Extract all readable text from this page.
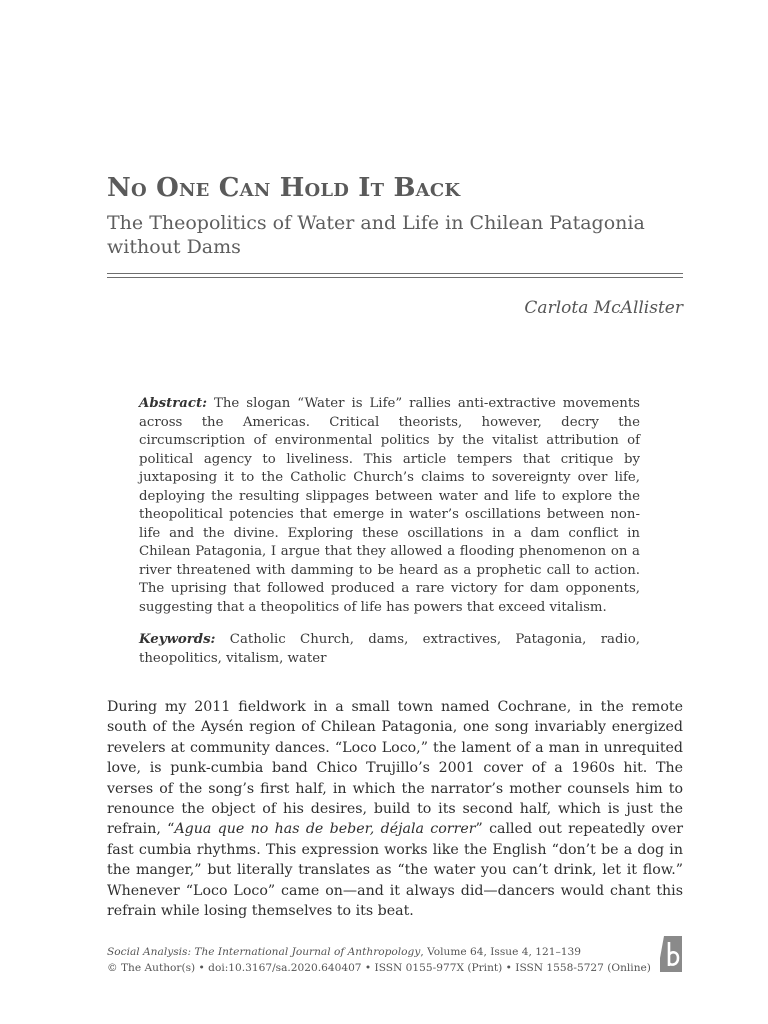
No One Can Hold It Back

The Theopolitics of Water and Life in Chilean Patagonia without Dams

Carlota McAllister

Abstract: The slogan “Water is Life” rallies anti-extractive movements across the Americas. Critical theorists, however, decry the circumscription of environmental politics by the vitalist attribution of political agency to liveliness. This article tempers that critique by juxtaposing it to the Catholic Church’s claims to sovereignty over life, deploying the resulting slippages between water and life to explore the theopolitical potencies that emerge in water’s oscillations between non-life and the divine. Exploring these oscillations in a dam conflict in Chilean Patagonia, I argue that they allowed a flooding phenomenon on a river threatened with damming to be heard as a prophetic call to action. The uprising that followed produced a rare victory for dam opponents, suggesting that a theopolitics of life has powers that exceed vitalism.

Keywords: Catholic Church, dams, extractives, Patagonia, radio, theopolitics, vitalism, water

During my 2011 fieldwork in a small town named Cochrane, in the remote south of the Aysén region of Chilean Patagonia, one song invariably energized revelers at community dances. “Loco Loco,” the lament of a man in unrequited love, is punk-cumbia band Chico Trujillo’s 2001 cover of a 1960s hit. The verses of the song’s first half, in which the narrator’s mother counsels him to renounce the object of his desires, build to its second half, which is just the refrain, “Agua que no has de beber, déjala correr” called out repeatedly over fast cumbia rhythms. This expression works like the English “don’t be a dog in the manger,” but literally translates as “the water you can’t drink, let it flow.” Whenever “Loco Loco” came on—and it always did—dancers would chant this refrain while losing themselves to its beat.

Social Analysis: The International Journal of Anthropology, Volume 64, Issue 4, 121–139
© The Author(s) • doi:10.3167/sa.2020.640407 • ISSN 0155-977X (Print) • ISSN 1558-5727 (Online)
